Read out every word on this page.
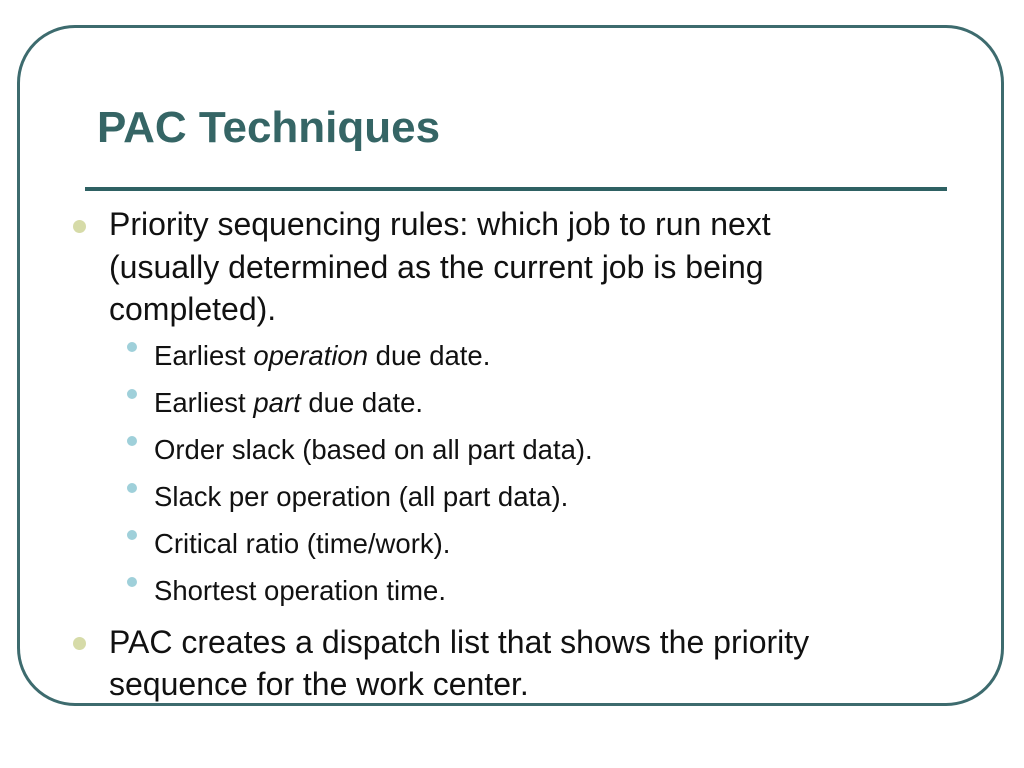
PAC Techniques

Priority sequencing rules: which job to run next

(usually determined as the current job is being

completed).

Earliest operation due date.

Earliest part due date.

Order slack (based on all part data).

Slack per operation (all part data).

Critical ratio (time/work).

Shortest operation time.

PAC creates a dispatch list that shows the priority

sequence for the work center.
